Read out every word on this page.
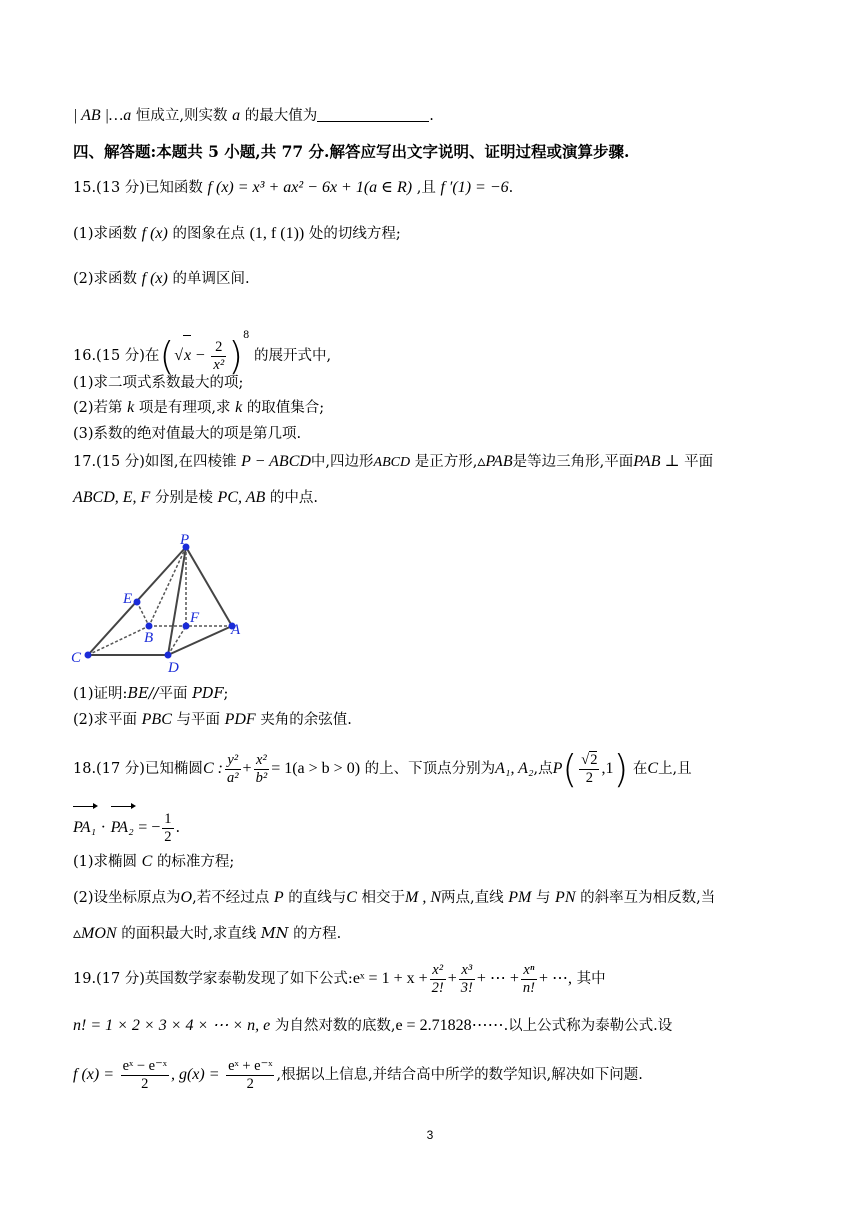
| AB |…a 恒成立,则实数 a 的最大值为	.
四、解答题:本题共 5 小题,共 77 分.解答应写出文字说明、证明过程或演算步骤.
15.(13 分)已知函数 f (x) = x³ + ax² − 6x + 1(a ∈ R) ,且 f ′(1) = −6.
(1)求函数 f (x) 的图象在点 (1, f (1)) 处的切线方程;
(2)求函数 f (x) 的单调区间.
16.(15 分)在$(√x - \frac{2}{\text{x²}} )^8$ 的展开式中,
(1)求二项式系数最大的项;
(2)若第 k 项是有理项,求 k 的取值集合;
(3)系数的绝对值最大的项是第几项.
17.(15 分)如图,在四棱锥 P − ABCD中,四边形ABCD 是正方形,▵PAB是等边三角形,平面PAB ⊥ 平面
ABCD, E, F 分别是棱 PC, AB 的中点.
P
E
F
B	A
C
D
(1)证明:BE//平面 PDF;
(2)求平面 PBC 与平面 PDF 夹角的余弦值.
18.(17 分)已知椭圆C : $\frac{\text{y²}}{\text{a²}} + \frac{\text{x²}}{\text{b²}} = 1(a > b > 0)$ 的上、下顶点分别为A₁, A₂,点$P( \frac{√2}{2} ,1)$ 在C上,且
PA₁ · PA₂ = − $\frac{1}{2}$ .
(1)求椭圆 C 的标准方程;
(2)设坐标原点为O,若不经过点 P 的直线与C 相交于M , N两点,直线 PM 与 PN 的斜率互为相反数,当
▵MON 的面积最大时,求直线 MN 的方程.
19.(17 分)英国数学家泰勒发现了如下公式:eˣ = $1 + x + \frac{\text{x²}}{2!} + \frac{\text{x³}}{3!}$ + ⋯ + $\frac{\text{xⁿ}}{n!}$ + ⋯, 其中
n! = 1 × 2 × 3 × 4 × ⋯ × n, e 为自然对数的底数,e = 2.71828⋯⋯.以上公式称为泰勒公式.设
f $(x) = \frac{\text{eˣ − e⁻ˣ}}{2}$ , $g(x) = \frac{\text{eˣ + e⁻ˣ}}{2}$ ,根据以上信息,并结合高中所学的数学知识,解决如下问题.
3
